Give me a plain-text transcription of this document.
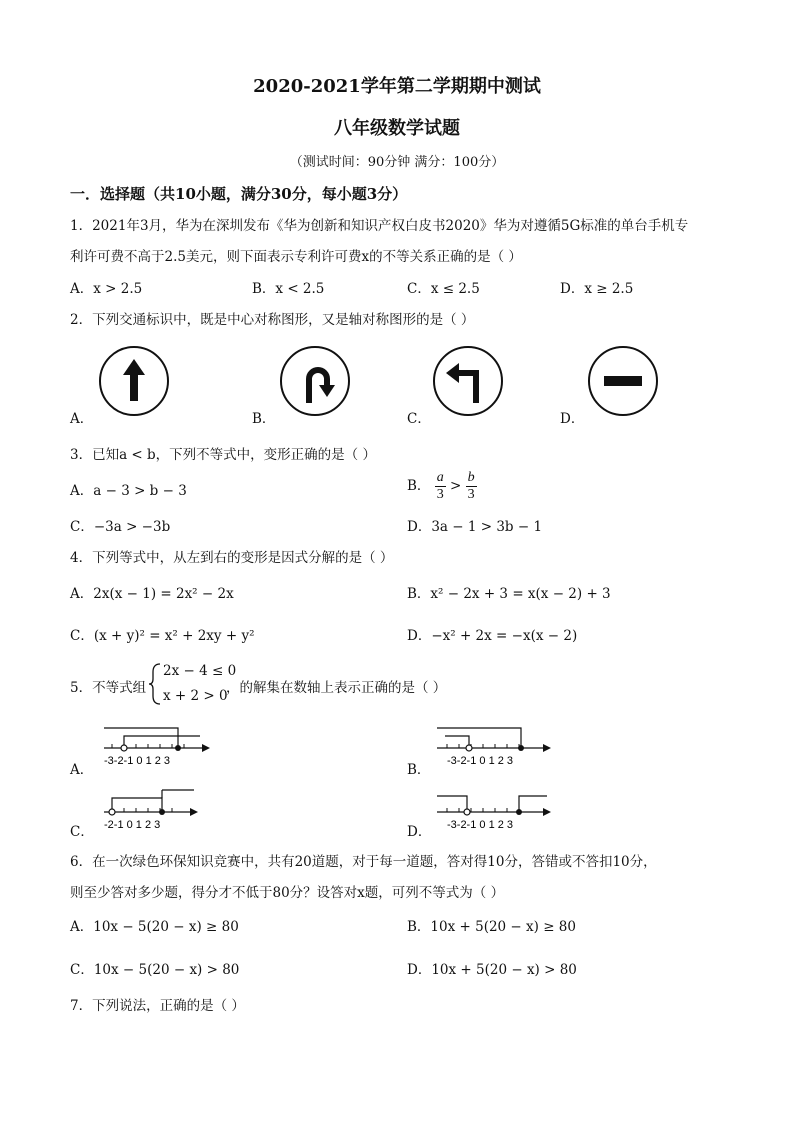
2020-2021学年第二学期期中测试
八年级数学试题
（测试时间：90分钟 满分：100分）
一．选择题（共10小题，满分30分，每小题3分）
1．2021年3月，华为在深圳发布《华为创新和知识产权白皮书2020》华为对遵循5G标准的单台手机专
利许可费不高于2.5美元，则下面表示专利许可费x的不等关系正确的是（ ）
A．x > 2.5	B．x < 2.5	C．x ≤ 2.5	D．x ≥ 2.5
2．下列交通标识中，既是中心对称图形，又是轴对称图形的是（ ）
A．	B．	C．	D．
3．已知a < b，下列不等式中，变形正确的是（ ）
A．a − 3 > b − 3	B． $\frac{a}{3} > \frac{b}{3}$
C．−3a > −3b	D．3a − 1 > 3b − 1
4．下列等式中，从左到右的变形是因式分解的是（ ）
A．2x(x − 1) = 2x² − 2x	B．x² − 2x + 3 = x(x − 2) + 3
C．(x + y)² = x² + 2xy + y²	D．−x² + 2x = −x(x − 2)
5．不等式组
2x − 4 ≤ 0
x + 2 > 0
，的解集在数轴上表示正确的是（ ）
-3-2-1 0 1 2 3
A．
-3-2-1 0 1 2 3
B．
-2-1 0 1 2 3
C．	-3-2-1 0 1 2 3
D．
6．在一次绿色环保知识竞赛中，共有20道题，对于每一道题，答对得10分，答错或不答扣10分，
则至少答对多少题，得分才不低于80分？设答对x题，可列不等式为（ ）
A．10x − 5(20 − x) ≥ 80	B．10x + 5(20 − x) ≥ 80
C．10x − 5(20 − x) > 80	D．10x + 5(20 − x) > 80
7．下列说法，正确的是（ ）
